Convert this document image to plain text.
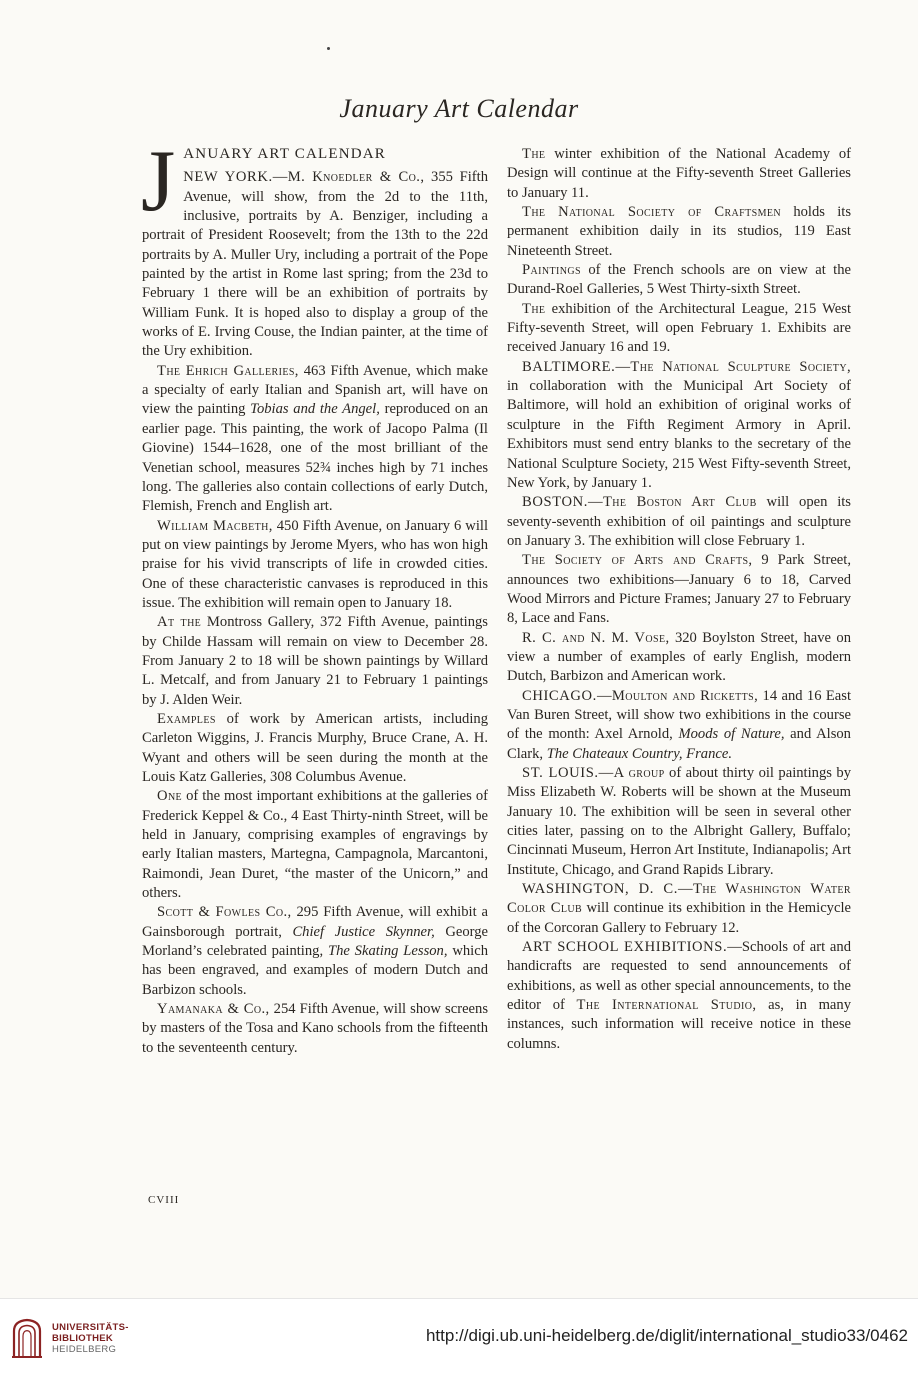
January Art Calendar

J ANUARY ART CALENDAR
NEW YORK.—M. Knoedler & Co., 355 Fifth Avenue, will show, from the 2d to the 11th, inclusive, portraits by A. Benziger, including a portrait of President Roosevelt; from the 13th to the 22d portraits by A. Muller Ury, including a portrait of the Pope painted by the artist in Rome last spring; from the 23d to February 1 there will be an exhibition of portraits by William Funk. It is hoped also to display a group of the works of E. Irving Couse, the Indian painter, at the time of the Ury exhibition.

The Ehrich Galleries, 463 Fifth Avenue, which make a specialty of early Italian and Spanish art, will have on view the painting Tobias and the Angel, reproduced on an earlier page. This painting, the work of Jacopo Palma (Il Giovine) 1544–1628, one of the most brilliant of the Venetian school, measures 52¾ inches high by 71 inches long. The galleries also contain collections of early Dutch, Flemish, French and English art.

William Macbeth, 450 Fifth Avenue, on January 6 will put on view paintings by Jerome Myers, who has won high praise for his vivid transcripts of life in crowded cities. One of these characteristic canvases is reproduced in this issue. The exhibition will remain open to January 18.

At the Montross Gallery, 372 Fifth Avenue, paintings by Childe Hassam will remain on view to December 28. From January 2 to 18 will be shown paintings by Willard L. Metcalf, and from January 21 to February 1 paintings by J. Alden Weir.

Examples of work by American artists, including Carleton Wiggins, J. Francis Murphy, Bruce Crane, A. H. Wyant and others will be seen during the month at the Louis Katz Galleries, 308 Columbus Avenue.

One of the most important exhibitions at the galleries of Frederick Keppel & Co., 4 East Thirty-ninth Street, will be held in January, comprising examples of engravings by early Italian masters, Martegna, Campagnola, Marcantoni, Raimondi, Jean Duret, “the master of the Unicorn,” and others.

Scott & Fowles Co., 295 Fifth Avenue, will exhibit a Gainsborough portrait, Chief Justice Skynner, George Morland’s celebrated painting, The Skating Lesson, which has been engraved, and examples of modern Dutch and Barbizon schools.

Yamanaka & Co., 254 Fifth Avenue, will show screens by masters of the Tosa and Kano schools from the fifteenth to the seventeenth century.

The winter exhibition of the National Academy of Design will continue at the Fifty-seventh Street Galleries to January 11.

The National Society of Craftsmen holds its permanent exhibition daily in its studios, 119 East Nineteenth Street.

Paintings of the French schools are on view at the Durand-Roel Galleries, 5 West Thirty-sixth Street.

The exhibition of the Architectural League, 215 West Fifty-seventh Street, will open February 1. Exhibits are received January 16 and 19.

BALTIMORE.—The National Sculpture Society, in collaboration with the Municipal Art Society of Baltimore, will hold an exhibition of original works of sculpture in the Fifth Regiment Armory in April. Exhibitors must send entry blanks to the secretary of the National Sculpture Society, 215 West Fifty-seventh Street, New York, by January 1.

BOSTON.—The Boston Art Club will open its seventy-seventh exhibition of oil paintings and sculpture on January 3. The exhibition will close February 1.

The Society of Arts and Crafts, 9 Park Street, announces two exhibitions—January 6 to 18, Carved Wood Mirrors and Picture Frames; January 27 to February 8, Lace and Fans.

R. C. and N. M. Vose, 320 Boylston Street, have on view a number of examples of early English, modern Dutch, Barbizon and American work.

CHICAGO.—Moulton and Ricketts, 14 and 16 East Van Buren Street, will show two exhibitions in the course of the month: Axel Arnold, Moods of Nature, and Alson Clark, The Chateaux Country, France.

ST. LOUIS.—A group of about thirty oil paintings by Miss Elizabeth W. Roberts will be shown at the Museum January 10. The exhibition will be seen in several other cities later, passing on to the Albright Gallery, Buffalo; Cincinnati Museum, Herron Art Institute, Indianapolis; Art Institute, Chicago, and Grand Rapids Library.

WASHINGTON, D. C.—The Washington Water Color Club will continue its exhibition in the Hemicycle of the Corcoran Gallery to February 12.

ART SCHOOL EXHIBITIONS.—Schools of art and handicrafts are requested to send announcements of exhibitions, as well as other special announcements, to the editor of The International Studio, as, in many instances, such information will receive notice in these columns.

CVIII
UNIVERSITÄTS-
BIBLIOTHEK
HEIDELBERG
http://digi.ub.uni-heidelberg.de/diglit/international_studio33/0462
